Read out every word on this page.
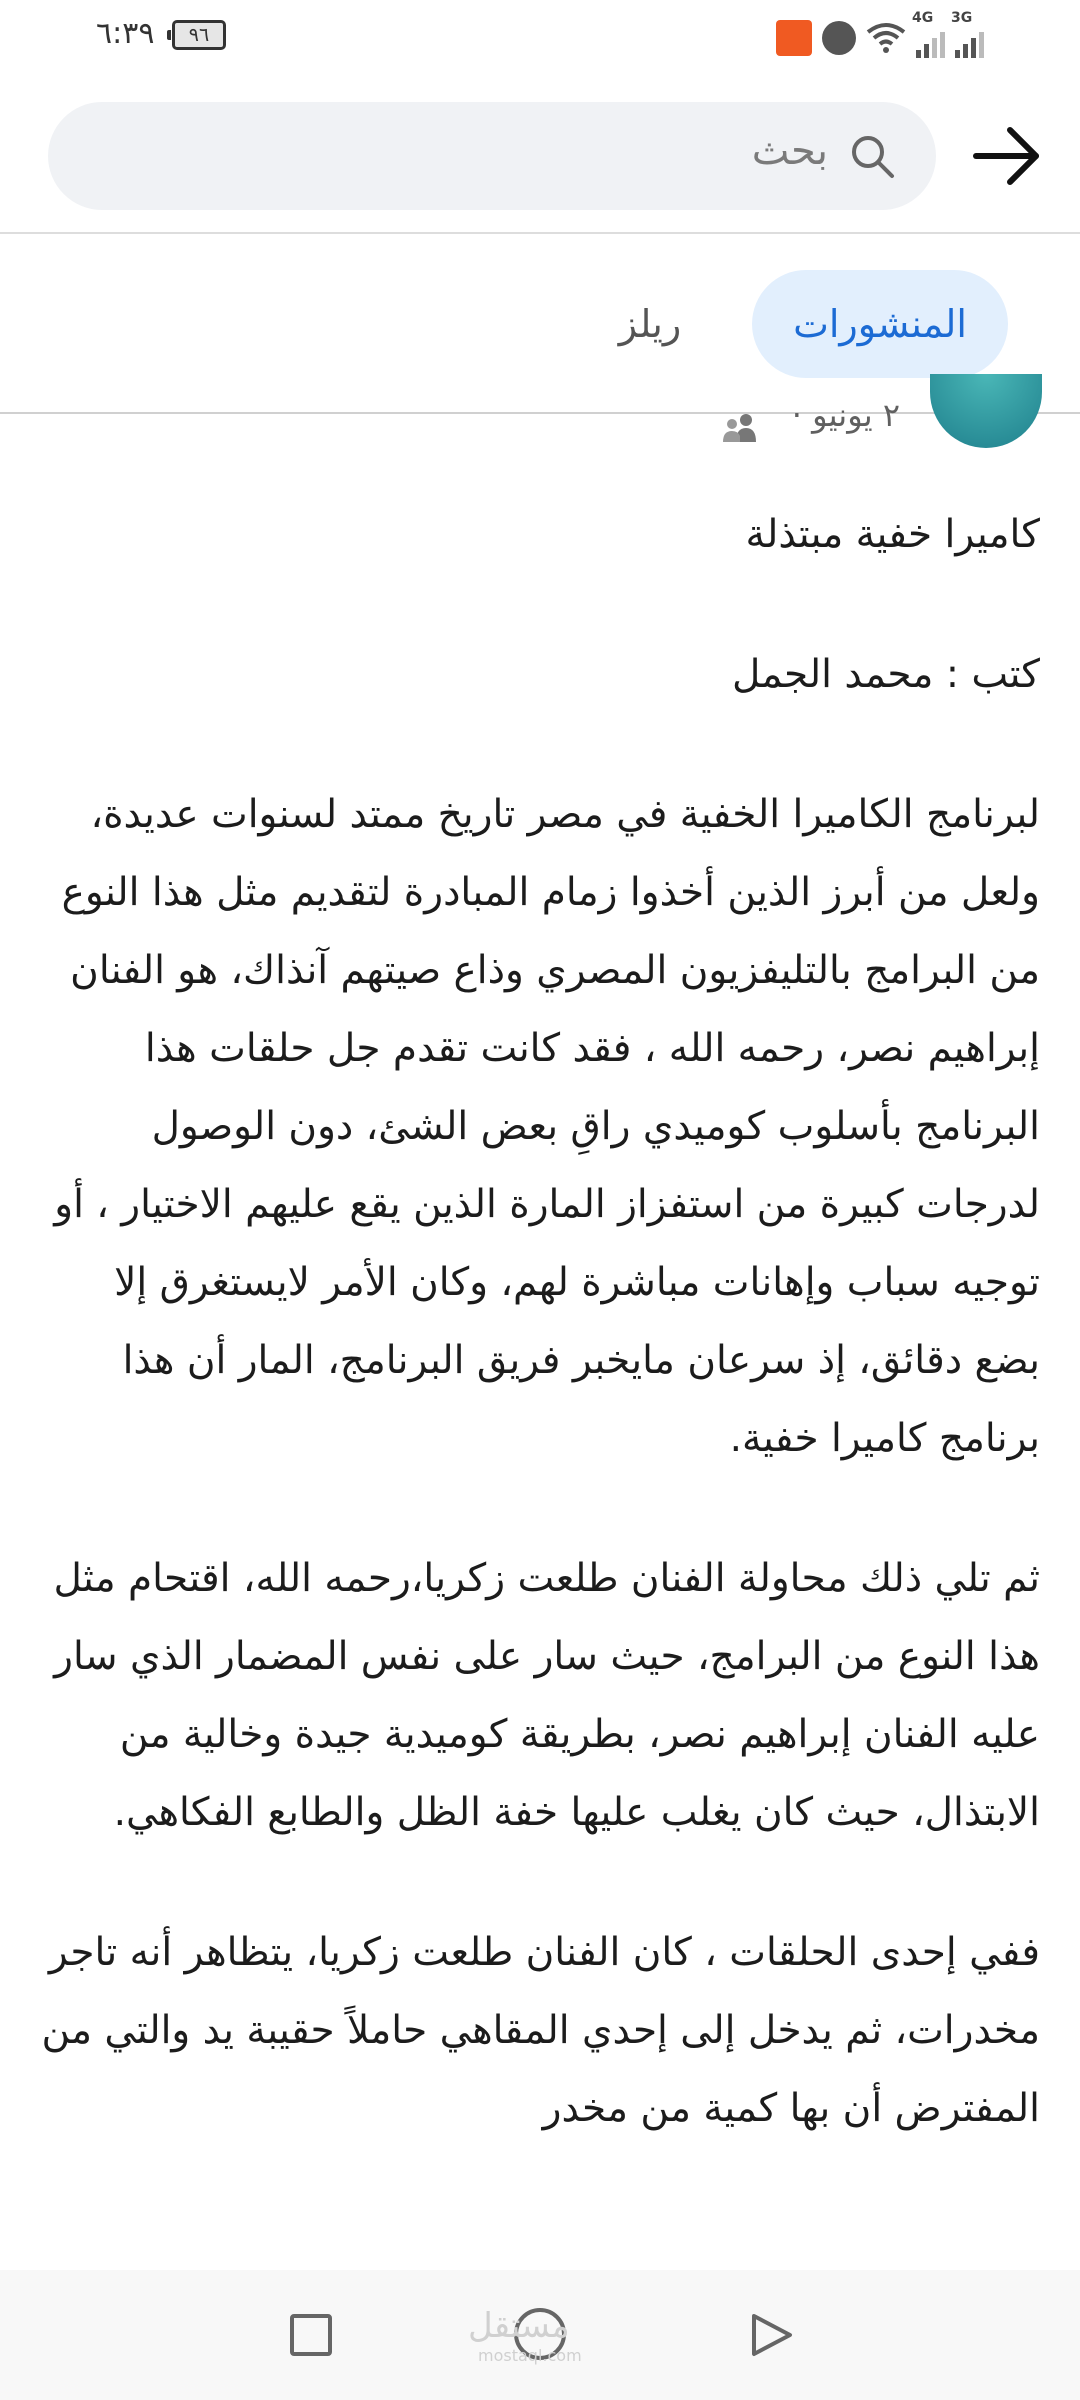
٦:٣٩	٩٦
4G 3G
بحث
المنشورات
ريلز
٢ يونيو ·

كاميرا خفية مبتذلة

كتب : محمد الجمل

لبرنامج الكاميرا الخفية في مصر تاريخ ممتد لسنوات عديدة، ولعل من أبرز الذين أخذوا زمام المبادرة لتقديم مثل هذا النوع من البرامج بالتليفزيون المصري وذاع صيتهم آنذاك، هو الفنان إبراهيم نصر، رحمه الله ، فقد كانت تقدم جل حلقات هذا البرنامج بأسلوب كوميدي راقِ بعض الشئ، دون الوصول لدرجات كبيرة من استفزاز المارة الذين يقع عليهم الاختيار ، أو توجيه سباب وإهانات مباشرة لهم، وكان الأمر لايستغرق إلا بضع دقائق، إذ سرعان مايخبر فريق البرنامج، المار أن هذا برنامج كاميرا خفية.

ثم تلي ذلك محاولة الفنان طلعت زكريا،رحمه الله، اقتحام مثل هذا النوع من البرامج، حيث سار على نفس المضمار الذي سار عليه الفنان إبراهيم نصر، بطريقة كوميدية جيدة وخالية من الابتذال، حيث كان يغلب عليها خفة الظل والطابع الفكاهي.

ففي إحدى الحلقات ، كان الفنان طلعت زكريا، يتظاهر أنه تاجر مخدرات، ثم يدخل إلى إحدي المقاهي حاملاً حقيبة يد والتي من المفترض أن بها كمية من مخدر

مستقل
mostaql.com
